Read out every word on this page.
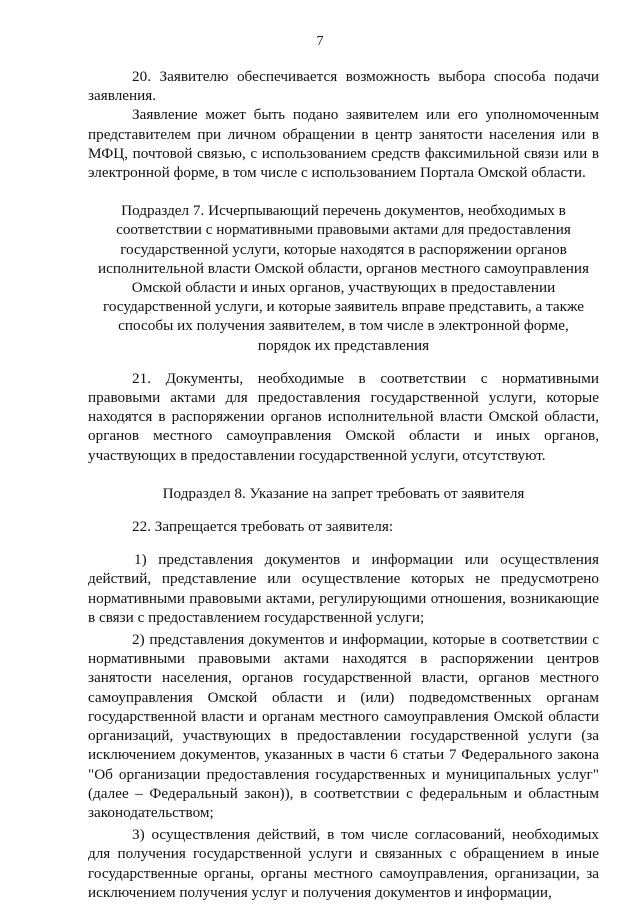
7

20. Заявителю обеспечивается возможность выбора способа подачи заявления.

Заявление может быть подано заявителем или его уполномоченным представителем при личном обращении в центр занятости населения или в МФЦ, почтовой связью, с использованием средств факсимильной связи или в электронной форме, в том числе с использованием Портала Омской области.

Подраздел 7. Исчерпывающий перечень документов, необходимых в соответствии с нормативными правовыми актами для предоставления государственной услуги, которые находятся в распоряжении органов исполнительной власти Омской области, органов местного самоуправления Омской области и иных органов, участвующих в предоставлении государственной услуги, и которые заявитель вправе представить, а также способы их получения заявителем, в том числе в электронной форме, порядок их представления

21. Документы, необходимые в соответствии с нормативными правовыми актами для предоставления государственной услуги, которые находятся в распоряжении органов исполнительной власти Омской области, органов местного самоуправления Омской области и иных органов, участвующих в предоставлении государственной услуги, отсутствуют.

Подраздел 8. Указание на запрет требовать от заявителя

22. Запрещается требовать от заявителя:

1) представления документов и информации или осуществления действий, представление или осуществление которых не предусмотрено нормативными правовыми актами, регулирующими отношения, возникающие в связи с предоставлением государственной услуги;

2) представления документов и информации, которые в соответствии с нормативными правовыми актами находятся в распоряжении центров занятости населения, органов государственной власти, органов местного самоуправления Омской области и (или) подведомственных органам государственной власти и органам местного самоуправления Омской области организаций, участвующих в предоставлении государственной услуги (за исключением документов, указанных в части 6 статьи 7 Федерального закона "Об организации предоставления государственных и муниципальных услуг" (далее – Федеральный закон)), в соответствии с федеральным и областным законодательством;

3) осуществления действий, в том числе согласований, необходимых для получения государственной услуги и связанных с обращением в иные государственные органы, органы местного самоуправления, организации, за исключением получения услуг и получения документов и информации,
